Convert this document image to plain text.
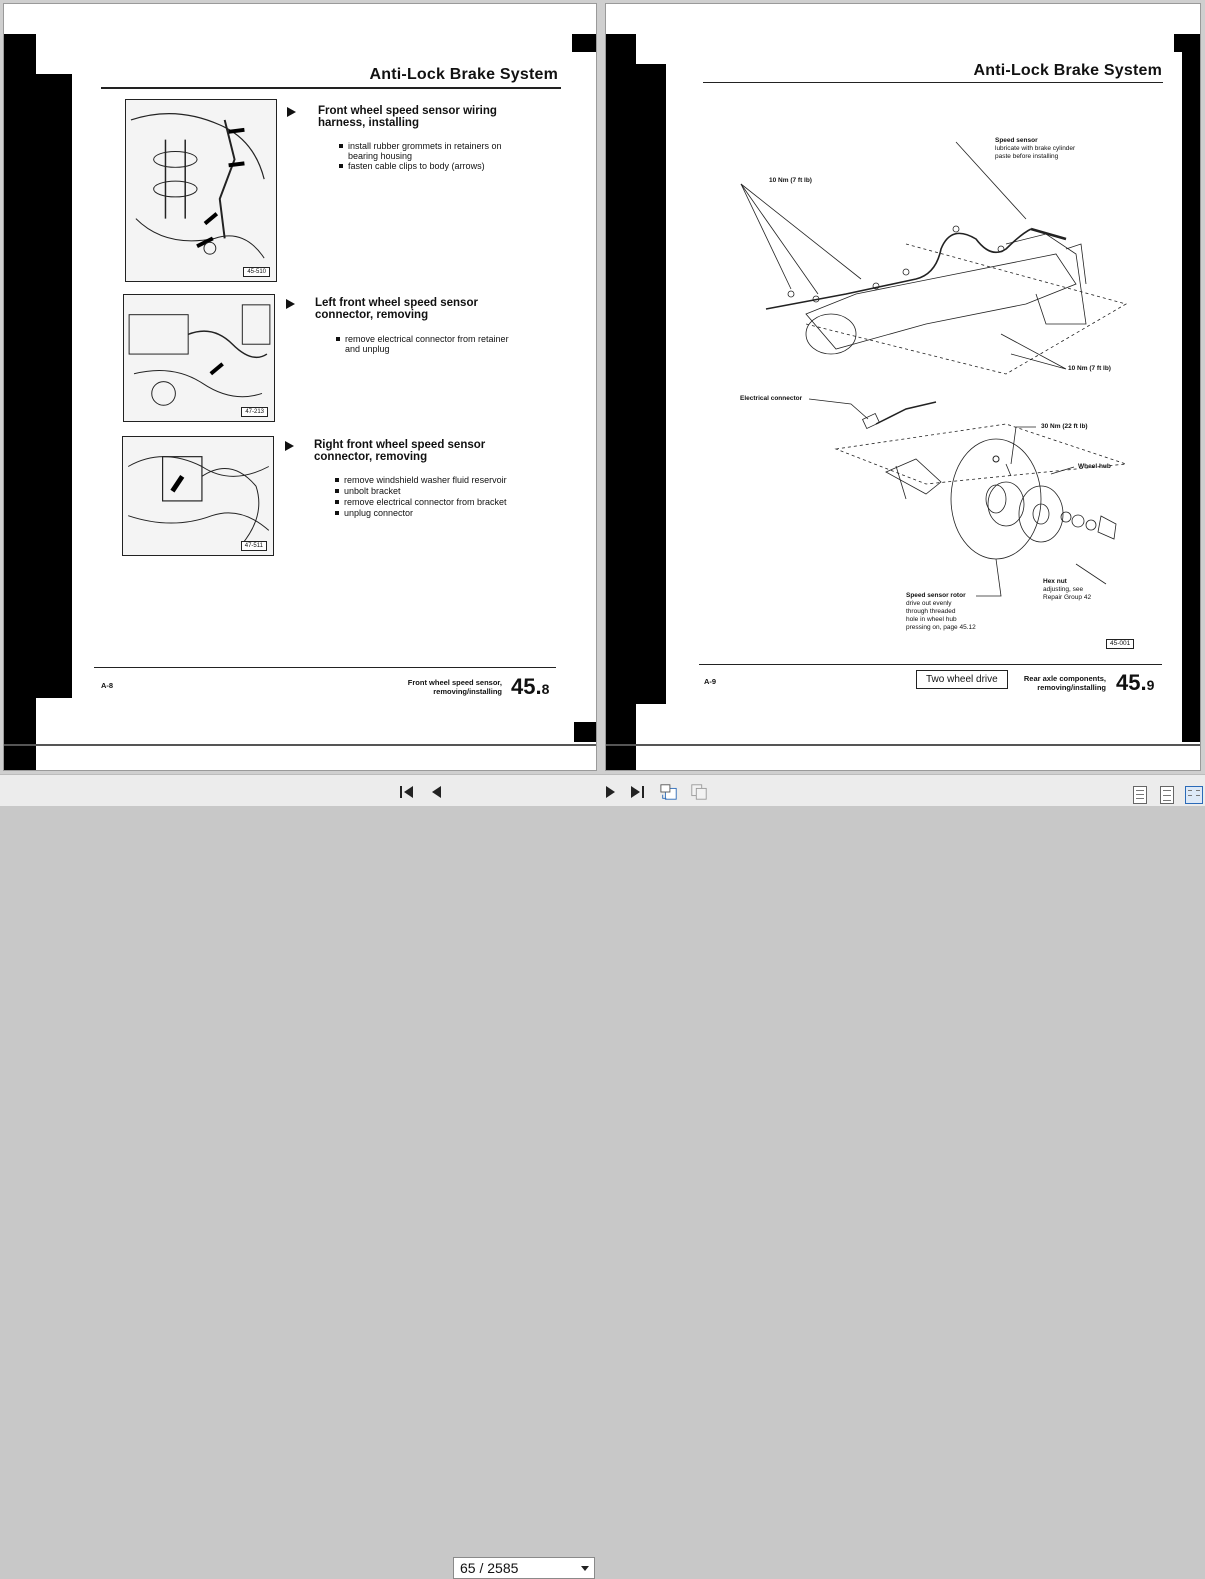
Anti-Lock Brake System
45-510
Front wheel speed sensor wiring
harness, installing
install rubber grommets in retainers on
bearing housing
fasten cable clips to body (arrows)
47-213
Left front wheel speed sensor
connector, removing
remove electrical connector from retainer
and unplug
47-511
Right front wheel speed sensor
connector, removing
remove windshield washer fluid reservoir
unbolt bracket
remove electrical connector from bracket
unplug connector
A-8	Front wheel speed sensor,
removing/installing 45.8
Anti-Lock Brake System
Speed sensor
lubricate with brake cylinder
paste before installing
10 Nm (7 ft lb)
10 Nm (7 ft lb)
Electrical connector
30 Nm (22 ft lb)
Wheel hub
Hex nut
adjusting, see
Repair Group 42
Speed sensor rotor
drive out evenly
through threaded
hole in wheel hub
pressing on, page 45.12
45-001
A-9	Two wheel drive	Rear axle components,
removing/installing 45.9
65 / 2585
